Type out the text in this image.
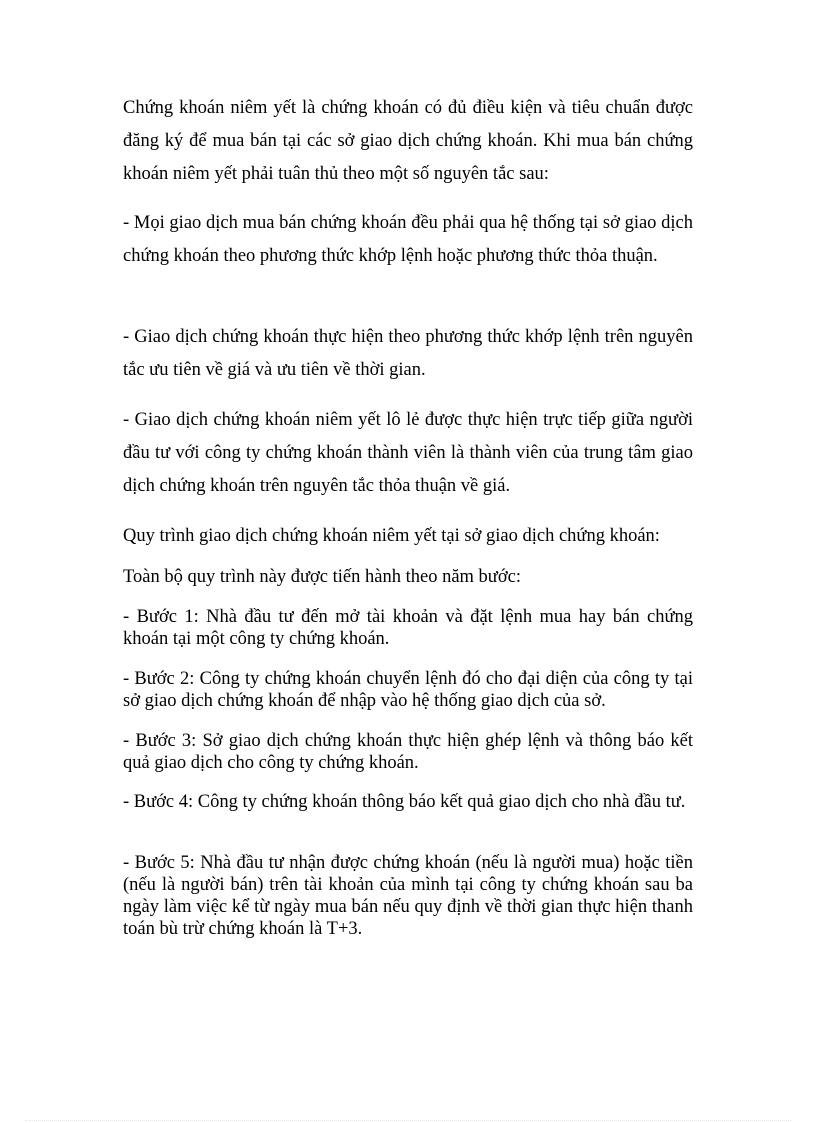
Chứng khoán niêm yết là chứng khoán có đủ điều kiện và tiêu chuẩn được đăng ký để mua bán tại các sở giao dịch chứng khoán. Khi mua bán chứng khoán niêm yết phải tuân thủ theo một số nguyên tắc sau:

- Mọi giao dịch mua bán chứng khoán đều phải qua hệ thống tại sở giao dịch chứng khoán theo phương thức khớp lệnh hoặc phương thức thỏa thuận.

- Giao dịch chứng khoán thực hiện theo phương thức khớp lệnh trên nguyên tắc ưu tiên về giá và ưu tiên về thời gian.

- Giao dịch chứng khoán niêm yết lô lẻ được thực hiện trực tiếp giữa người đầu tư với công ty chứng khoán thành viên là thành viên của trung tâm giao dịch chứng khoán trên nguyên tắc thỏa thuận về giá.

Quy trình giao dịch chứng khoán niêm yết tại sở giao dịch chứng khoán:

Toàn bộ quy trình này được tiến hành theo năm bước:

- Bước 1: Nhà đầu tư đến mở tài khoản và đặt lệnh mua hay bán chứng khoán tại một công ty chứng khoán.

- Bước 2: Công ty chứng khoán chuyển lệnh đó cho đại diện của công ty tại sở giao dịch chứng khoán để nhập vào hệ thống giao dịch của sở.

- Bước 3: Sở giao dịch chứng khoán thực hiện ghép lệnh và thông báo kết quả giao dịch cho công ty chứng khoán.

- Bước 4: Công ty chứng khoán thông báo kết quả giao dịch cho nhà đầu tư.

- Bước 5: Nhà đầu tư nhận được chứng khoán (nếu là người mua) hoặc tiền (nếu là người bán) trên tài khoản của mình tại công ty chứng khoán sau ba ngày làm việc kể từ ngày mua bán nếu quy định về thời gian thực hiện thanh toán bù trừ chứng khoán là T+3.
